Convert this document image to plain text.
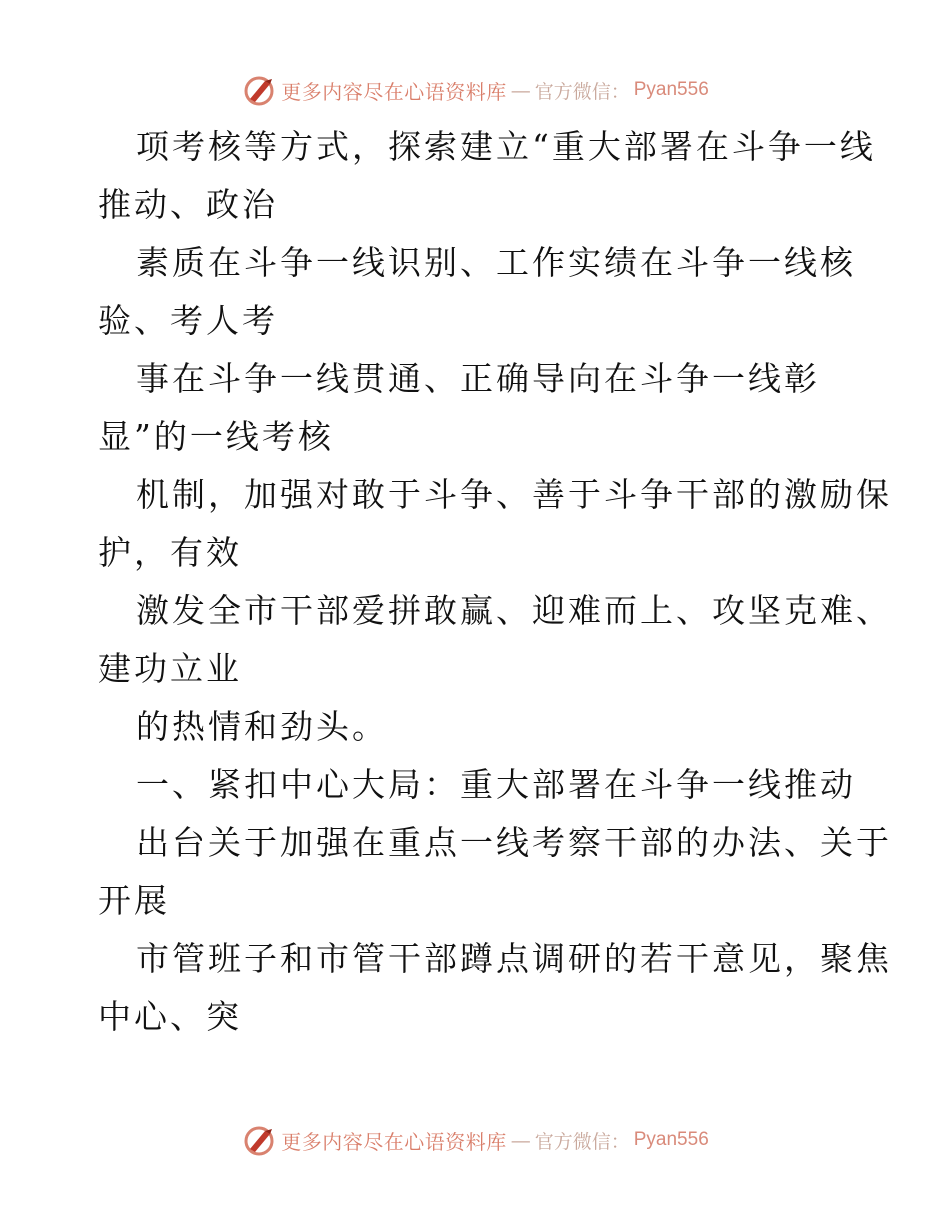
更多内容尽在心语资料库 — 官方微信： Pyan556
项考核等方式，探索建立“重大部署在斗争一线
推动、政治
素质在斗争一线识别、工作实绩在斗争一线核
验、考人考
事在斗争一线贯通、正确导向在斗争一线彰
显”的一线考核
机制，加强对敢于斗争、善于斗争干部的激励保
护，有效
激发全市干部爱拼敢赢、迎难而上、攻坚克难、
建功立业
的热情和劲头。
一、紧扣中心大局：重大部署在斗争一线推动
出台关于加强在重点一线考察干部的办法、关于
开展
市管班子和市管干部蹲点调研的若干意见，聚焦
中心、突
更多内容尽在心语资料库 — 官方微信： Pyan556
